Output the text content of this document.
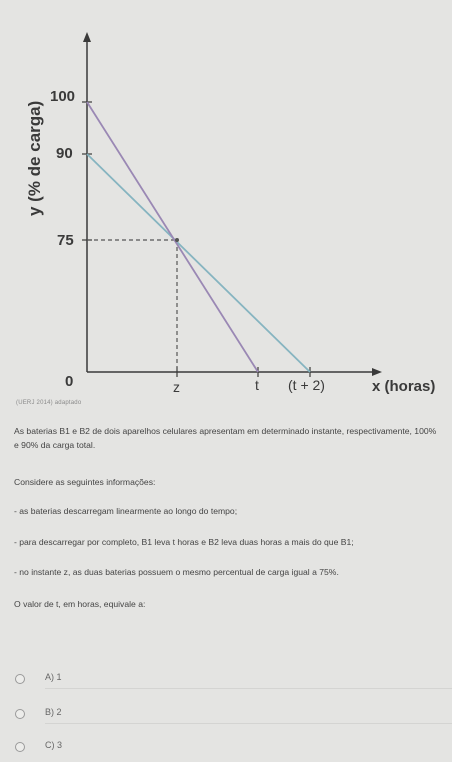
y (% de carga)
100
90
75
0	z	t (t + 2)	x (horas)
(UERJ 2014) adaptado
As baterias B1 e B2 de dois aparelhos celulares apresentam em determinado instante, respectivamente, 100% e 90% da carga total.
Considere as seguintes informações:
- as baterias descarregam linearmente ao longo do tempo;
- para descarregar por completo, B1 leva t horas e B2 leva duas horas a mais do que B1;
- no instante z, as duas baterias possuem o mesmo percentual de carga igual a 75%.
O valor de t, em horas, equivale a:
A) 1
B) 2
C) 3
